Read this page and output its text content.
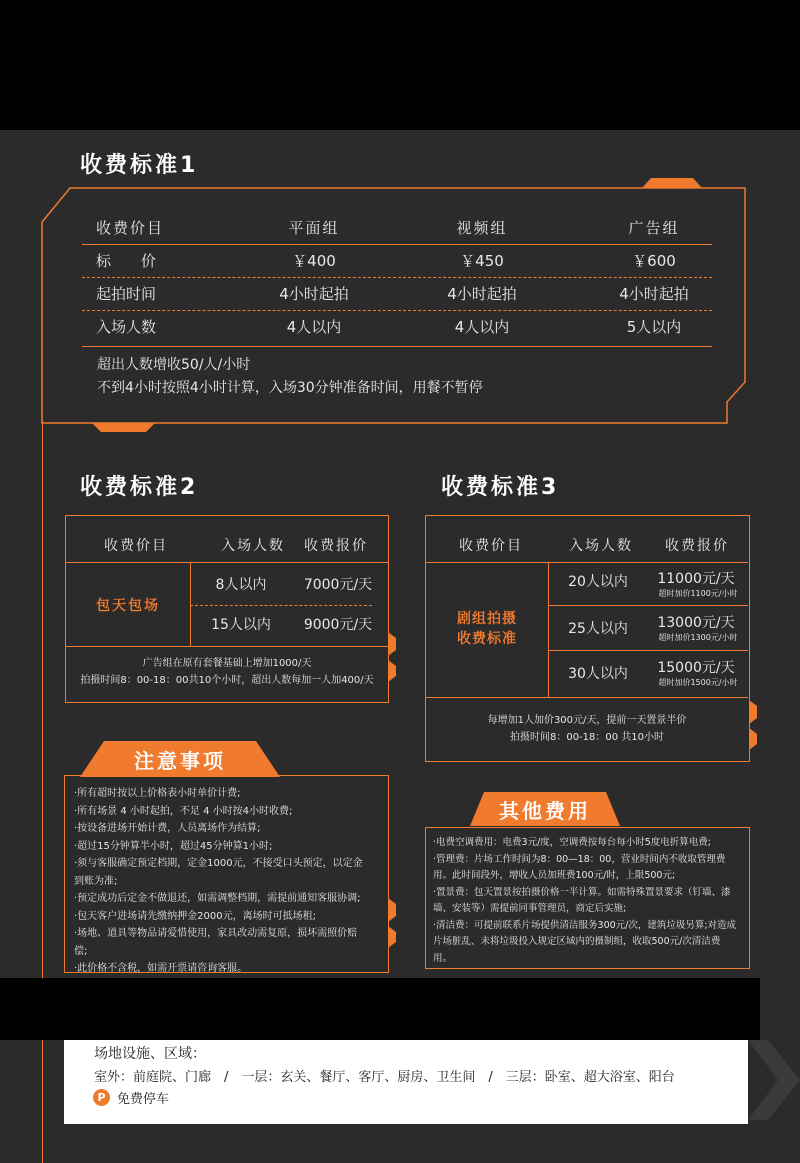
收费标准1
收费价目	平面组	视频组	广告组
标　　价	￥400	￥450	￥600
起拍时间	4小时起拍	4小时起拍	4小时起拍
入场人数	4人以内	4人以内	5人以内
超出人数增收50/人/小时
不到4小时按照4小时计算，入场30分钟准备时间，用餐不暂停
收费标准2
收费价目	入场人数	收费报价
包天包场
8人以内	7000元/天
15人以内	9000元/天
广告组在原有套餐基础上增加1000/天
拍摄时间8：00-18：00共10个小时，超出人数每加一人加400/天
收费标准3
收费价目	入场人数	收费报价
剧组拍摄
收费标准
20人以内	11000元/天
超时加价1100元/小时
25人以内	13000元/天
超时加价1300元/小时
30人以内	15000元/天
超时加价1500元/小时
每增加1人加价300元/天，提前一天置景半价
拍摄时间8：00-18：00 共10小时
注意事项
·所有超时按以上价格表小时单价计费;
·所有场景 4 小时起拍，不足 4 小时按4小时收费;
·按设备进场开始计费，人员离场作为结算;
·超过15分钟算半小时，超过45分钟算1小时;
·须与客服确定预定档期，定金1000元，不接受口头预定，以定金
到账为准;
·预定成功后定金不做退还，如需调整档期，需提前通知客服协调;
·包天客户进场请先缴纳押金2000元，离场时可抵场租;
·场地、道具等物品请爱惜使用，家具改动需复原，损坏需照价赔
偿;
·此价格不含税，如需开票请咨询客服。
其他费用
·电费空调费用：电费3元/度，空调费按每台每小时5度电折算电费;
·管理费：片场工作时间为8：00—18：00，营业时间内不收取管理费
用。此时间段外，增收人员加班费100元/时，上限500元;
·置景费：包天置景按拍摄价格一半计算。如需特殊置景要求（钉墙、漆
墙、安装等）需提前同事管理员，商定后实施;
·清洁费：可提前联系片场提供清洁服务300元/次，建筑垃圾另算;对造成
片场脏乱、未将垃圾投入规定区域内的摄制组，收取500元/次清洁费
用。
场地设施、区域：
室外：前庭院、门廊　/　一层：玄关、餐厅、客厅、厨房、卫生间　/　三层：卧室、超大浴室、阳台
P 免费停车
